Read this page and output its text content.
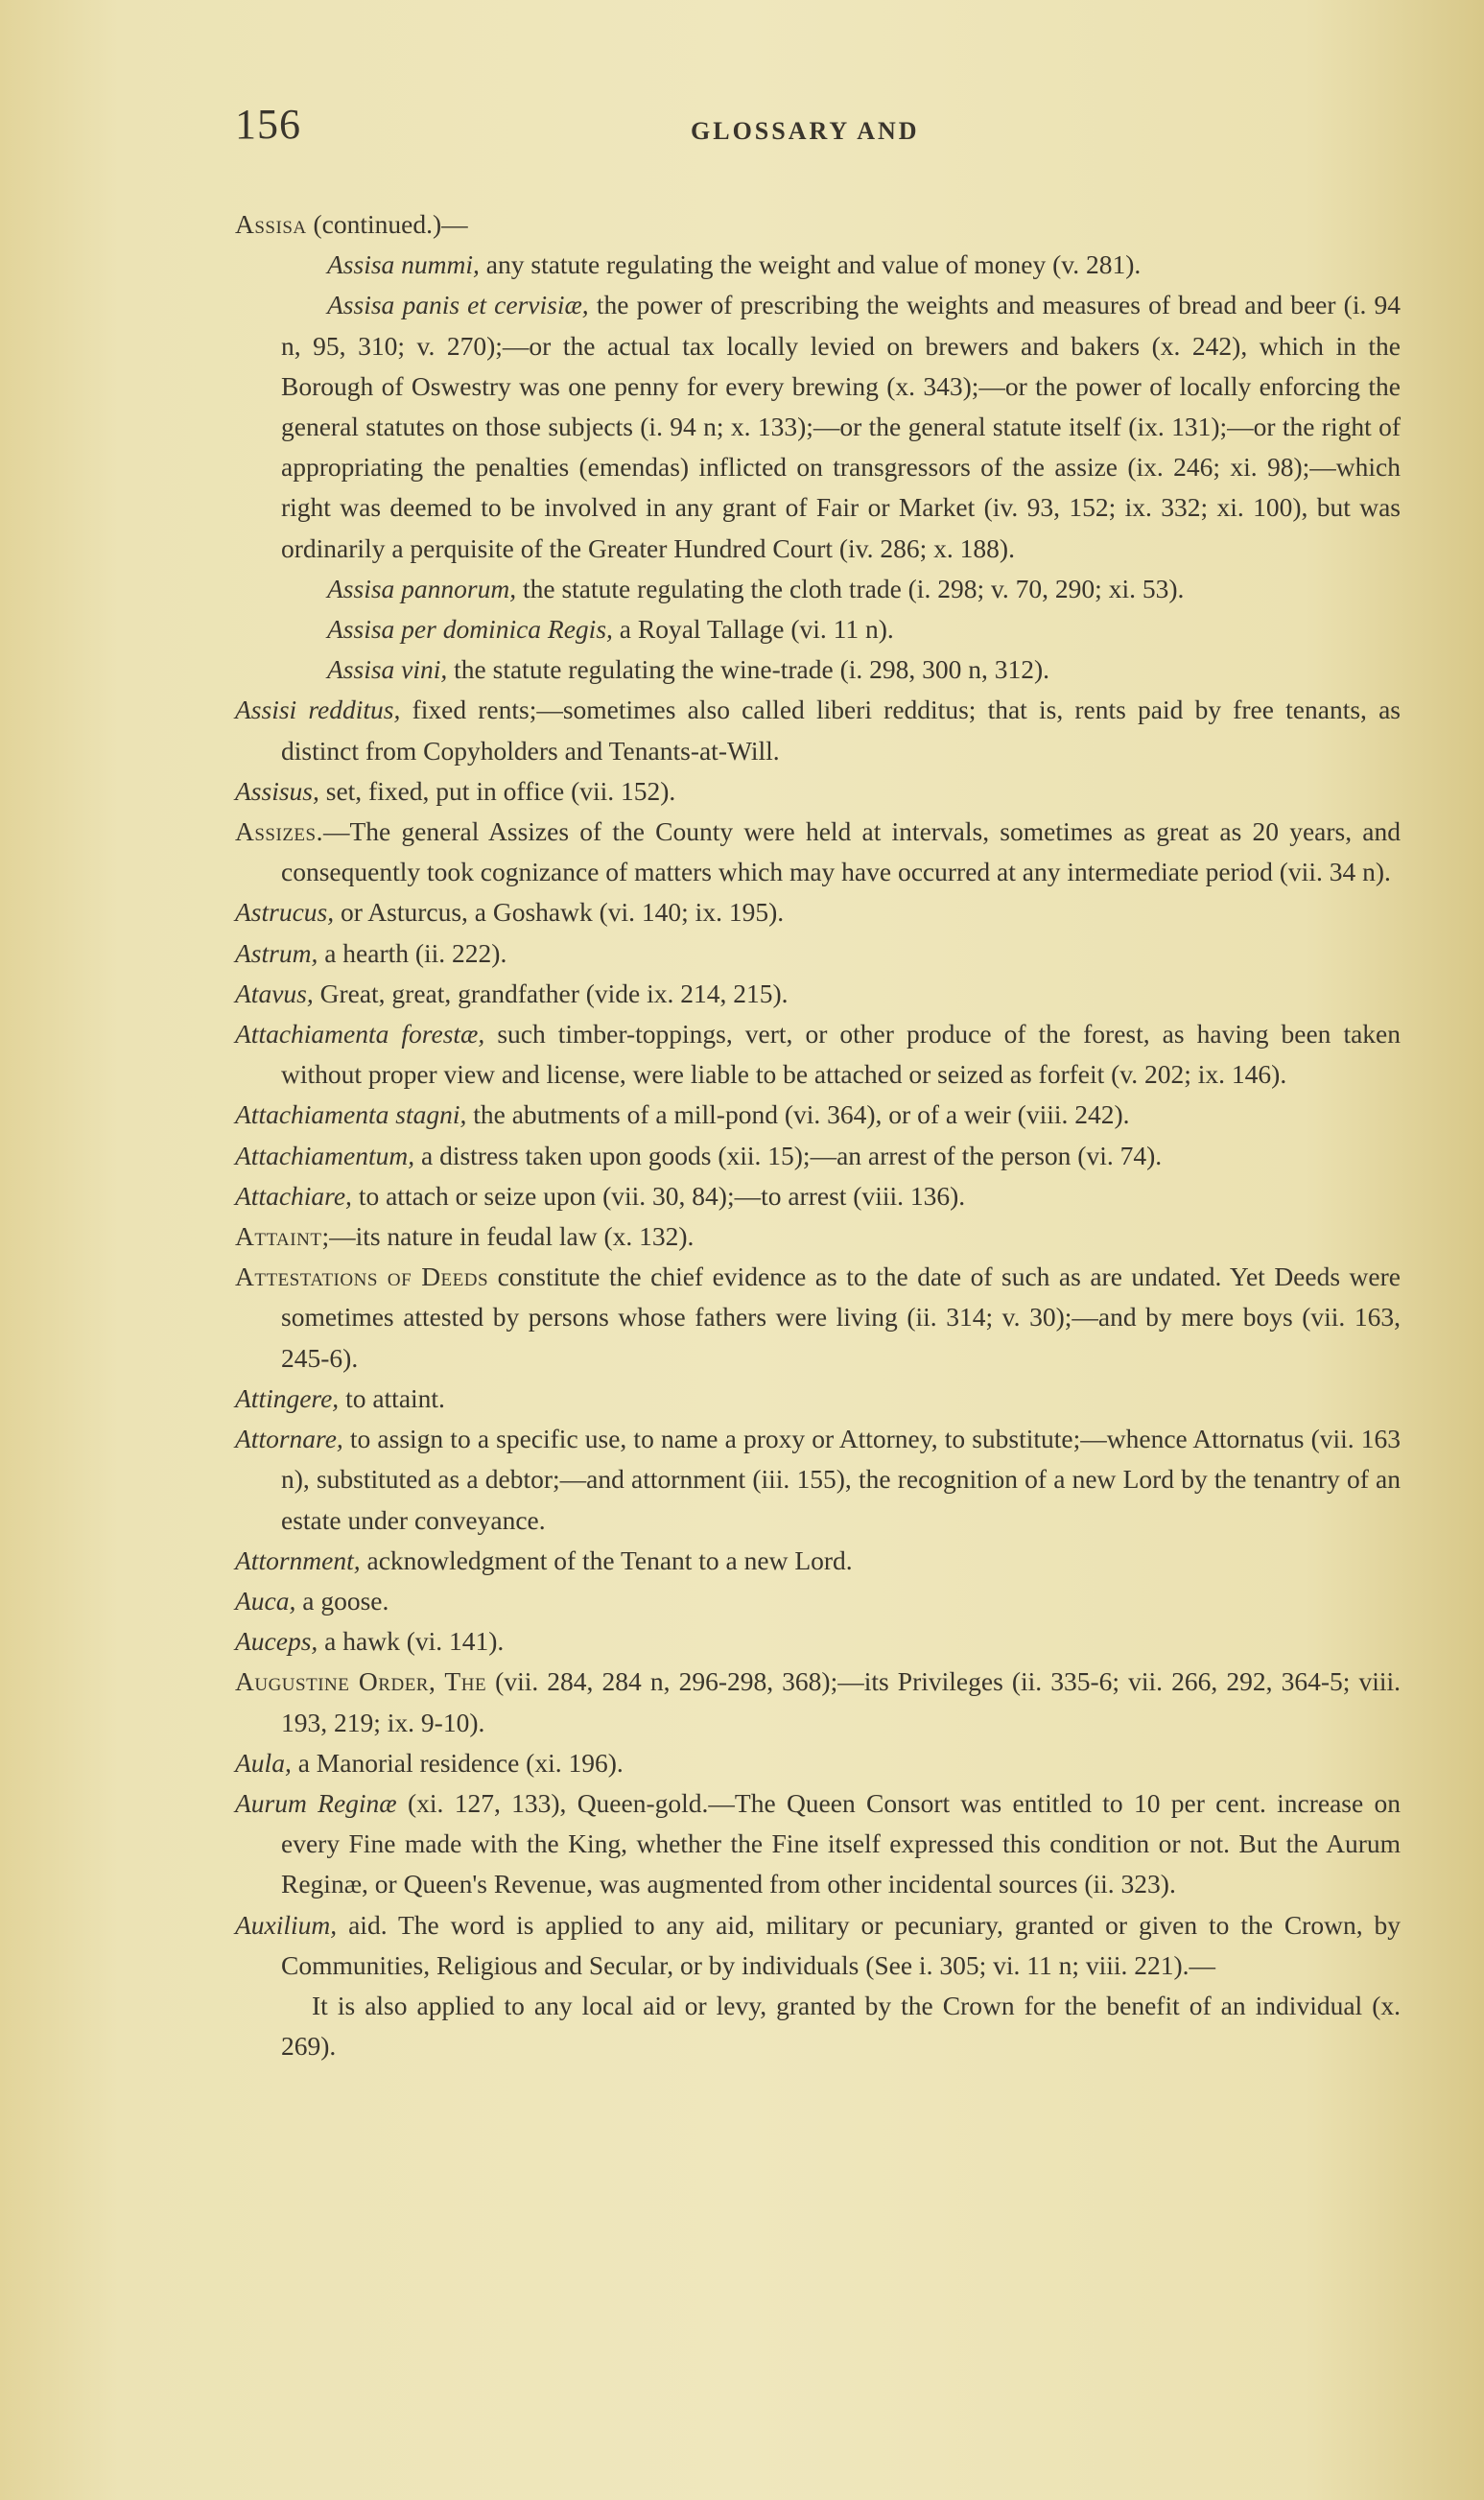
156	GLOSSARY AND

Assisa (continued.)—

Assisa nummi, any statute regulating the weight and value of money (v. 281).

Assisa panis et cervisiæ, the power of prescribing the weights and measures of bread and beer (i. 94 n, 95, 310; v. 270);—or the actual tax locally levied on brewers and bakers (x. 242), which in the Borough of Oswestry was one penny for every brewing (x. 343);—or the power of locally enforcing the general statutes on those subjects (i. 94 n; x. 133);—or the general statute itself (ix. 131);—or the right of appropriating the penalties (emendas) inflicted on transgressors of the assize (ix. 246; xi. 98);—which right was deemed to be involved in any grant of Fair or Market (iv. 93, 152; ix. 332; xi. 100), but was ordinarily a perquisite of the Greater Hundred Court (iv. 286; x. 188).

Assisa pannorum, the statute regulating the cloth trade (i. 298; v. 70, 290; xi. 53).

Assisa per dominica Regis, a Royal Tallage (vi. 11 n).

Assisa vini, the statute regulating the wine-trade (i. 298, 300 n, 312).

Assisi redditus, fixed rents;—sometimes also called liberi redditus; that is, rents paid by free tenants, as distinct from Copyholders and Tenants-at-Will.

Assisus, set, fixed, put in office (vii. 152).

Assizes.—The general Assizes of the County were held at intervals, sometimes as great as 20 years, and consequently took cognizance of matters which may have occurred at any intermediate period (vii. 34 n).

Astrucus, or Asturcus, a Goshawk (vi. 140; ix. 195).

Astrum, a hearth (ii. 222).

Atavus, Great, great, grandfather (vide ix. 214, 215).

Attachiamenta forestæ, such timber-toppings, vert, or other produce of the forest, as having been taken without proper view and license, were liable to be attached or seized as forfeit (v. 202; ix. 146).

Attachiamenta stagni, the abutments of a mill-pond (vi. 364), or of a weir (viii. 242).

Attachiamentum, a distress taken upon goods (xii. 15);—an arrest of the person (vi. 74).

Attachiare, to attach or seize upon (vii. 30, 84);—to arrest (viii. 136).

Attaint;—its nature in feudal law (x. 132).

Attestations of Deeds constitute the chief evidence as to the date of such as are undated. Yet Deeds were sometimes attested by persons whose fathers were living (ii. 314; v. 30);—and by mere boys (vii. 163, 245-6).

Attingere, to attaint.

Attornare, to assign to a specific use, to name a proxy or Attorney, to substitute;—whence Attornatus (vii. 163 n), substituted as a debtor;—and attornment (iii. 155), the recognition of a new Lord by the tenantry of an estate under conveyance.

Attornment, acknowledgment of the Tenant to a new Lord.

Auca, a goose.

Auceps, a hawk (vi. 141).

Augustine Order, The (vii. 284, 284 n, 296-298, 368);—its Privileges (ii. 335-6; vii. 266, 292, 364-5; viii. 193, 219; ix. 9-10).

Aula, a Manorial residence (xi. 196).

Aurum Reginæ (xi. 127, 133), Queen-gold.—The Queen Consort was entitled to 10 per cent. increase on every Fine made with the King, whether the Fine itself expressed this condition or not. But the Aurum Reginæ, or Queen's Revenue, was augmented from other incidental sources (ii. 323).

Auxilium, aid. The word is applied to any aid, military or pecuniary, granted or given to the Crown, by Communities, Religious and Secular, or by individuals (See i. 305; vi. 11 n; viii. 221).—

It is also applied to any local aid or levy, granted by the Crown for the benefit of an individual (x. 269).
